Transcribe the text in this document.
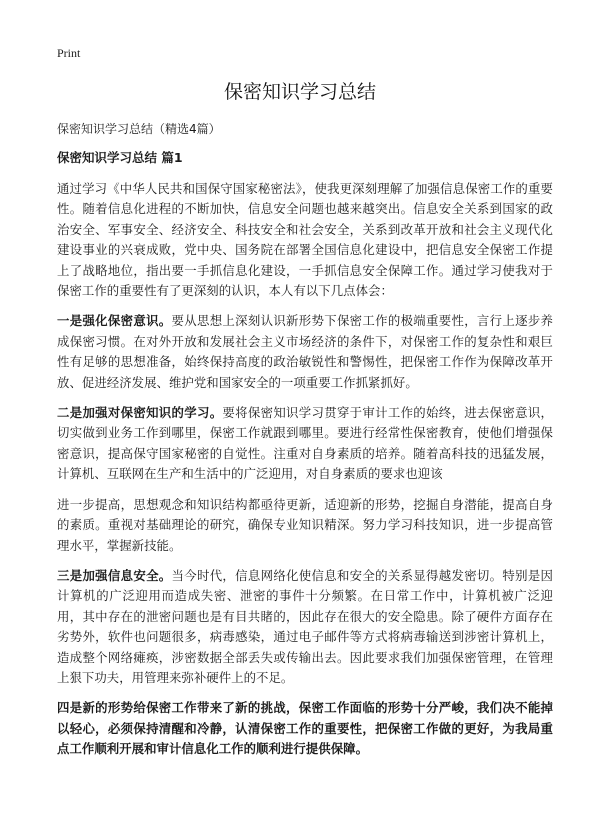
Print
保密知识学习总结
保密知识学习总结（精选4篇）
保密知识学习总结 篇1

通过学习《中华人民共和国保守国家秘密法》，使我更深刻理解了加强信息保密工作的重要性。随着信息化进程的不断加快，信息安全问题也越来越突出。信息安全关系到国家的政治安全、军事安全、经济安全、科技安全和社会安全，关系到改革开放和社会主义现代化建设事业的兴衰成败，党中央、国务院在部署全国信息化建设中，把信息安全保密工作提上了战略地位，指出要一手抓信息化建设，一手抓信息安全保障工作。通过学习使我对于保密工作的重要性有了更深刻的认识，本人有以下几点体会：

一是强化保密意识。要从思想上深刻认识新形势下保密工作的极端重要性，言行上逐步养成保密习惯。在对外开放和发展社会主义市场经济的条件下，对保密工作的复杂性和艰巨性有足够的思想准备，始终保持高度的政治敏锐性和警惕性，把保密工作作为保障改革开放、促进经济发展、维护党和国家安全的一项重要工作抓紧抓好。

二是加强对保密知识的学习。要将保密知识学习贯穿于审计工作的始终，进去保密意识，切实做到业务工作到哪里，保密工作就跟到哪里。要进行经常性保密教育，使他们增强保密意识，提高保守国家秘密的自觉性。注重对自身素质的培养。随着高科技的迅猛发展，计算机、互联网在生产和生活中的广泛迎用，对自身素质的要求也迎该

进一步提高，思想观念和知识结构都亟待更新，适迎新的形势，挖掘自身潜能，提高自身的素质。重视对基础理论的研究，确保专业知识精深。努力学习科技知识，进一步提高管理水平，掌握新技能。

三是加强信息安全。当今时代，信息网络化使信息和安全的关系显得越发密切。特别是因计算机的广泛迎用而造成失密、泄密的事件十分频繁。在日常工作中，计算机被广泛迎用，其中存在的泄密问题也是有目共睹的，因此存在很大的安全隐患。除了硬件方面存在劣势外，软件也问题很多，病毒感染，通过电子邮件等方式将病毒输送到涉密计算机上，造成整个网络瘫痪，涉密数据全部丢失或传输出去。因此要求我们加强保密管理，在管理上狠下功夫，用管理来弥补硬件上的不足。

四是新的形势给保密工作带来了新的挑战，保密工作面临的形势十分严峻，我们决不能掉以轻心，必须保持清醒和冷静，认清保密工作的重要性，把保密工作做的更好，为我局重点工作顺利开展和审计信息化工作的顺利进行提供保障。
